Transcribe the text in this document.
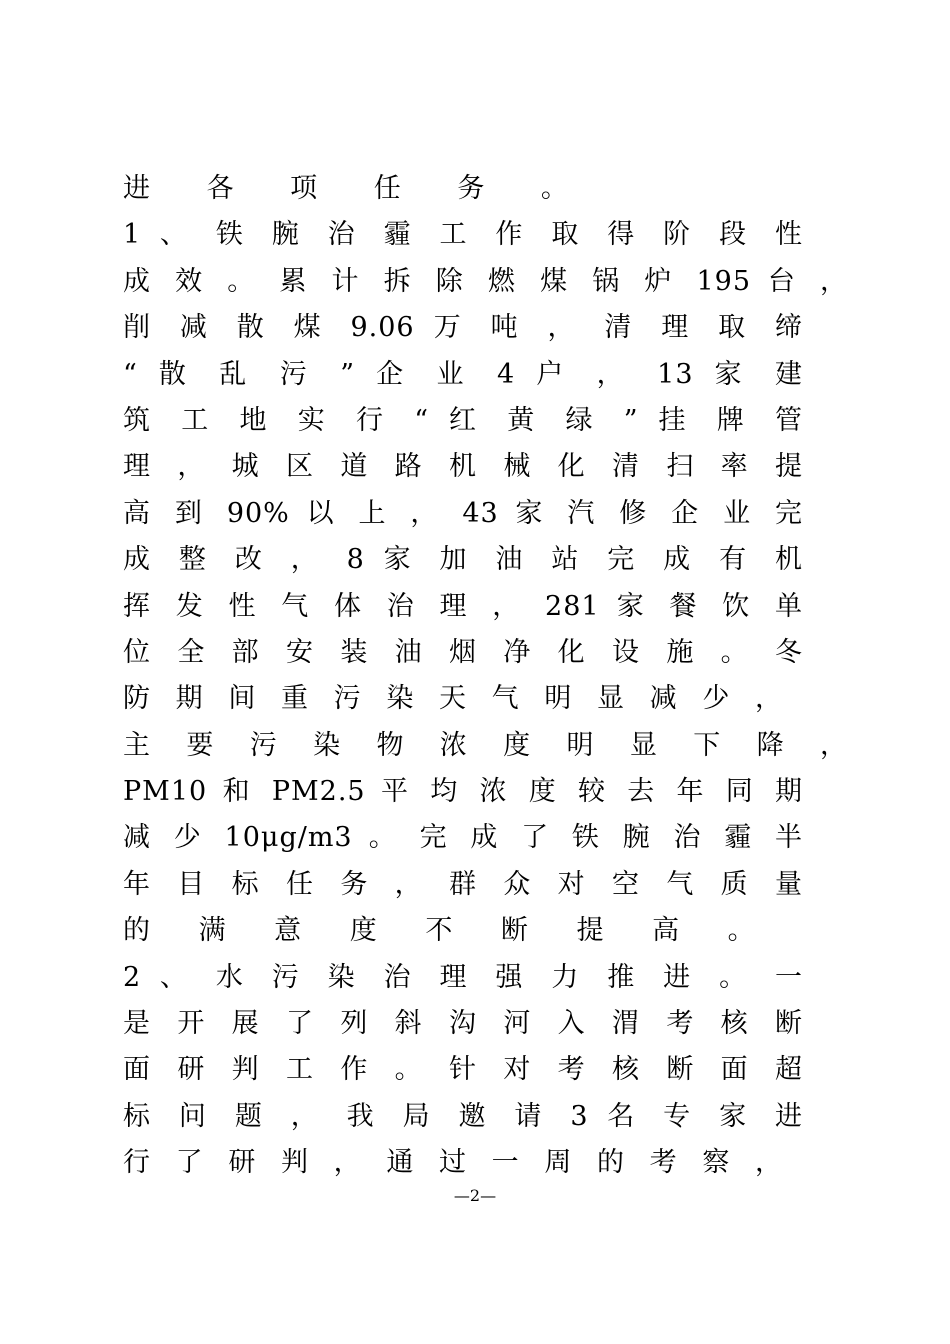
进 各 项 任 务 。
1 、 铁 腕 治 霾 工 作 取 得 阶 段 性
成 效 。 累 计 拆 除 燃 煤 锅 炉 195 台 ，
削 减 散 煤 9.06 万 吨 ， 清 理 取 缔
“ 散 乱 污 ” 企 业 4 户 ， 13 家 建
筑 工 地 实 行 “ 红 黄 绿 ” 挂 牌 管
理 ， 城 区 道 路 机 械 化 清 扫 率 提
高 到 90% 以 上 ， 43 家 汽 修 企 业 完
成 整 改 ， 8 家 加 油 站 完 成 有 机
挥 发 性 气 体 治 理 ， 281 家 餐 饮 单
位 全 部 安 装 油 烟 净 化 设 施 。 冬
防 期 间 重 污 染 天 气 明 显 减 少 ，
主 要 污 染 物 浓 度 明 显 下 降 ，
PM10 和 PM2.5 平 均 浓 度 较 去 年 同 期
减 少 10μg/m3 。 完 成 了 铁 腕 治 霾 半
年 目 标 任 务 ， 群 众 对 空 气 质 量
的 满 意 度 不 断 提 高 。
2 、 水 污 染 治 理 强 力 推 进 。 一
是 开 展 了 列 斜 沟 河 入 渭 考 核 断
面 研 判 工 作 。 针 对 考 核 断 面 超
标 问 题 ， 我 局 邀 请 3 名 专 家 进
行 了 研 判 ， 通 过 一 周 的 考 察 ，
—2—
